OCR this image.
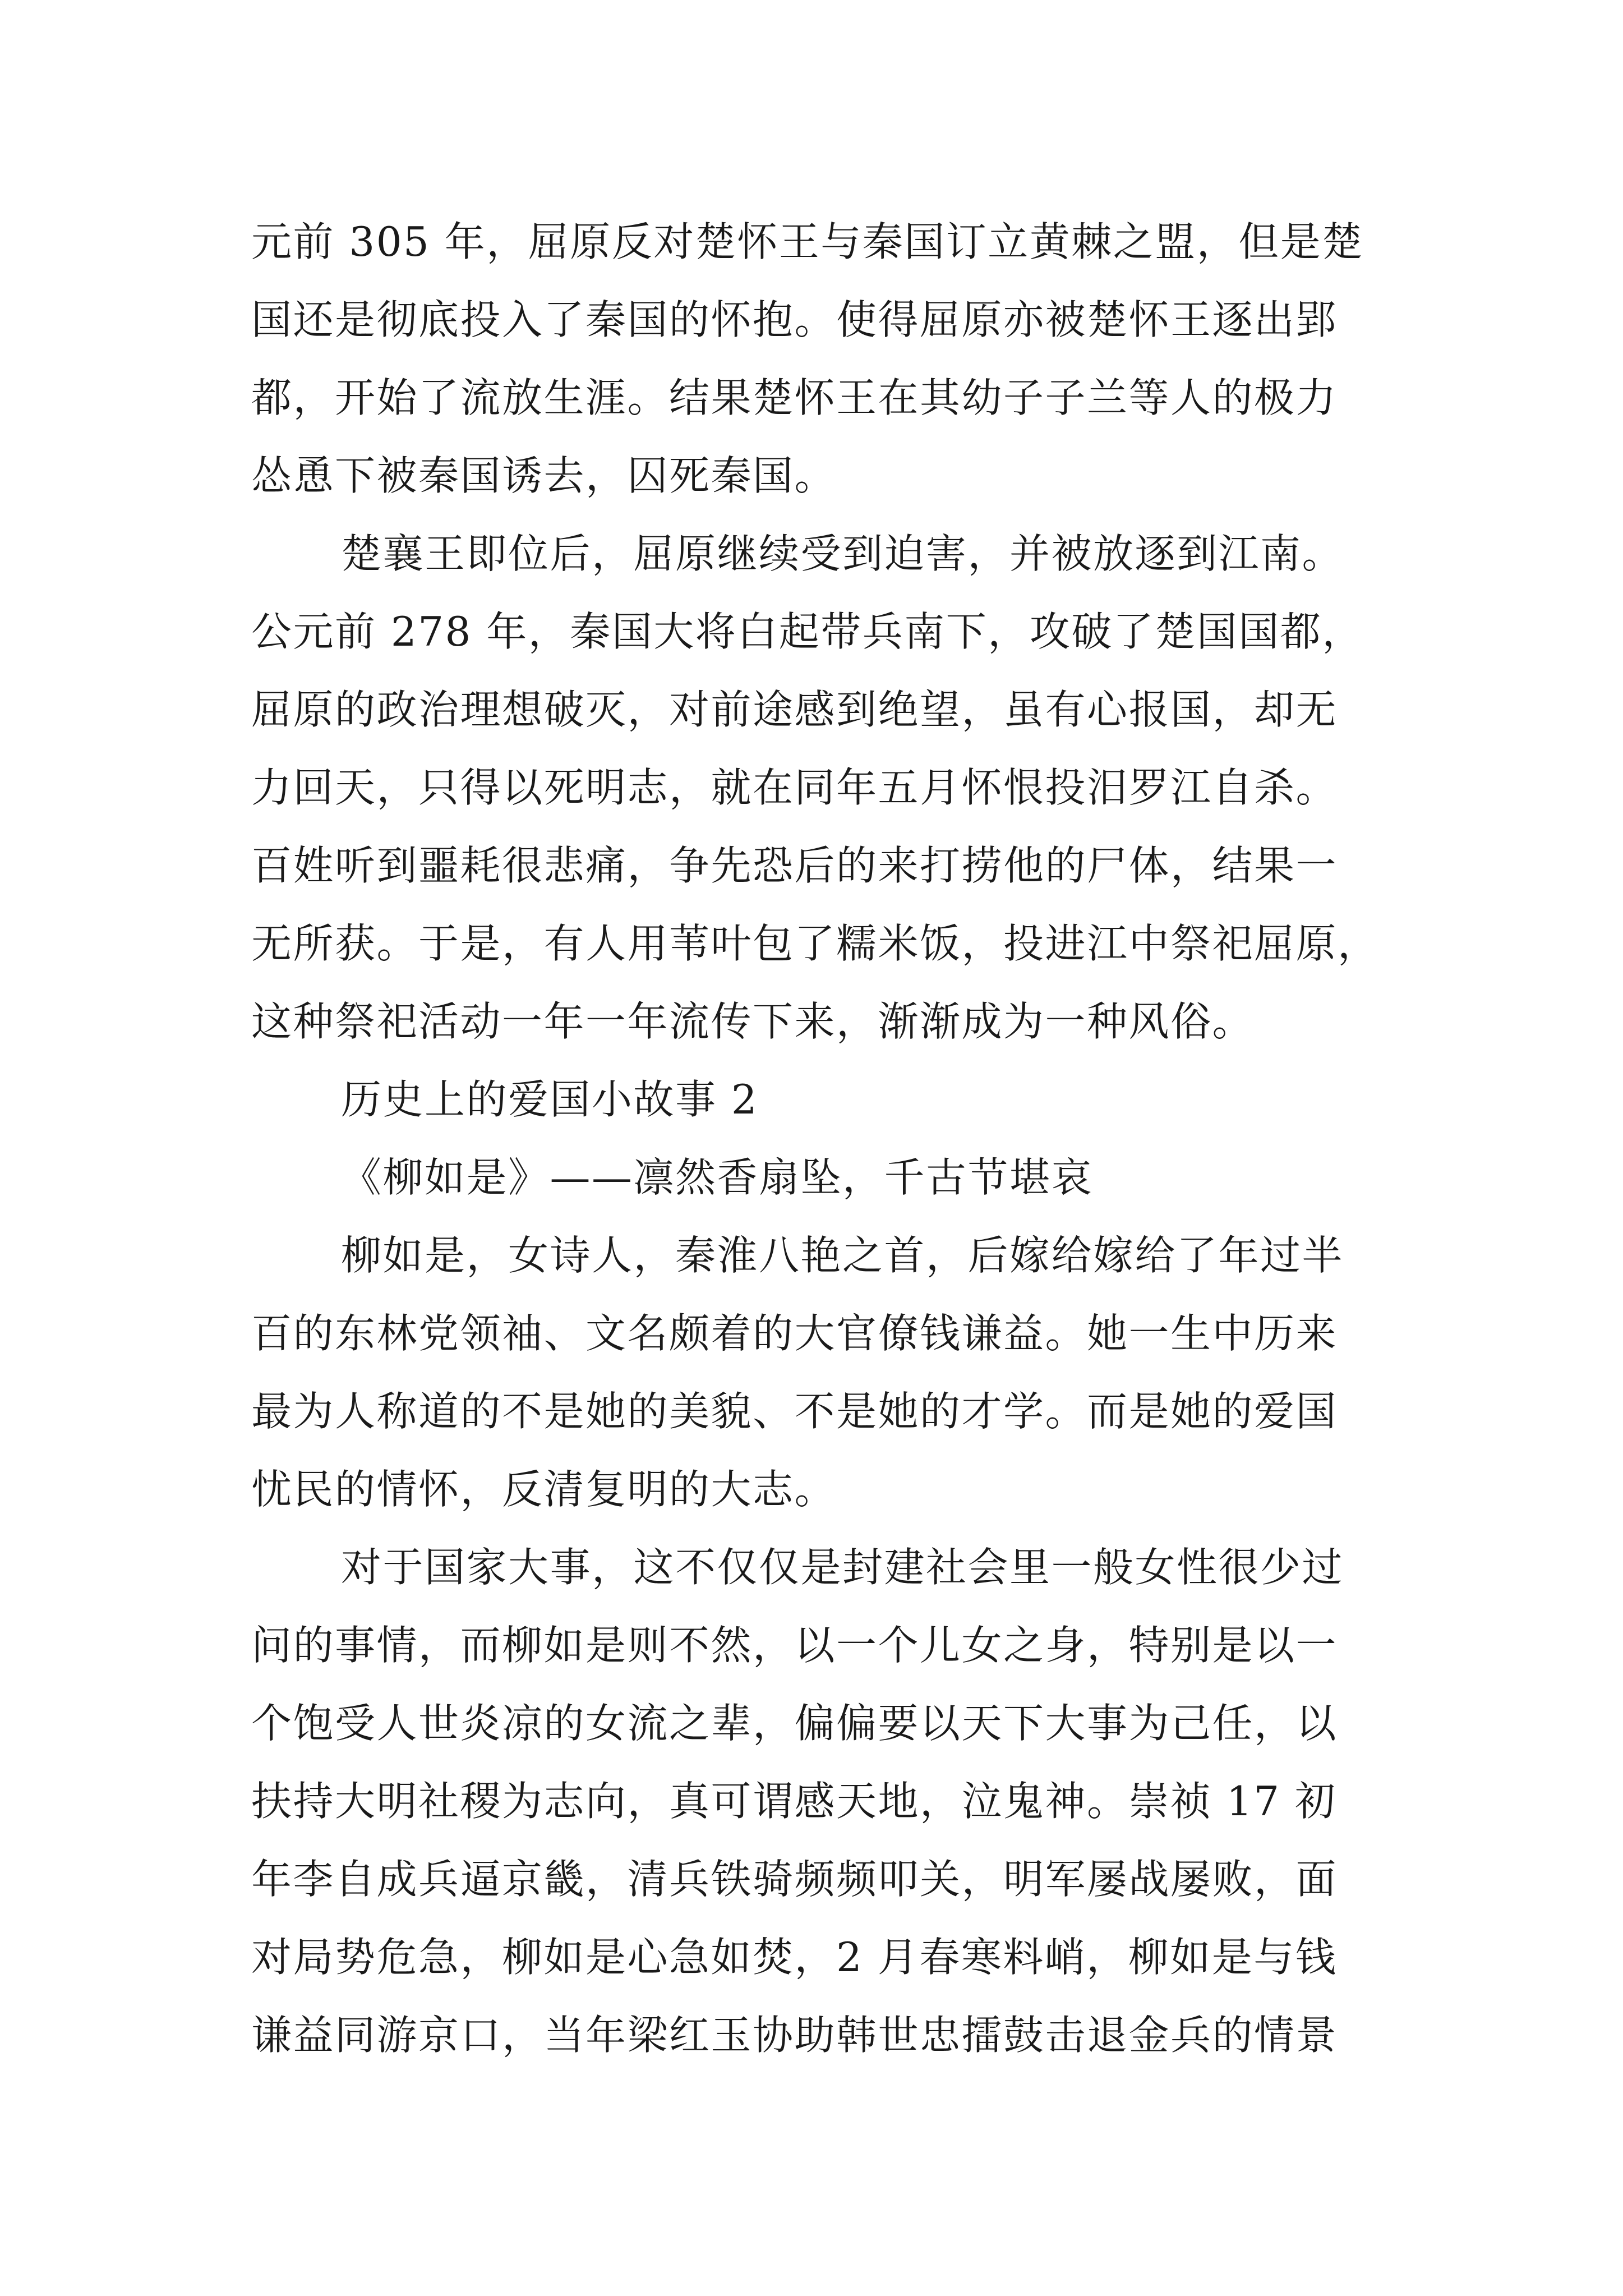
元前 305 年，屈原反对楚怀王与秦国订立黄棘之盟，但是楚
国还是彻底投入了秦国的怀抱。使得屈原亦被楚怀王逐出郢
都，开始了流放生涯。结果楚怀王在其幼子子兰等人的极力
怂恿下被秦国诱去，囚死秦国。
楚襄王即位后，屈原继续受到迫害，并被放逐到江南。
公元前 278 年，秦国大将白起带兵南下，攻破了楚国国都，
屈原的政治理想破灭，对前途感到绝望，虽有心报国，却无
力回天，只得以死明志，就在同年五月怀恨投汨罗江自杀。
百姓听到噩耗很悲痛，争先恐后的来打捞他的尸体，结果一
无所获。于是，有人用苇叶包了糯米饭，投进江中祭祀屈原，
这种祭祀活动一年一年流传下来，渐渐成为一种风俗。
历史上的爱国小故事 2
《柳如是》——凛然香扇坠，千古节堪哀
柳如是，女诗人，秦淮八艳之首，后嫁给嫁给了年过半
百的东林党领袖、文名颇着的大官僚钱谦益。她一生中历来
最为人称道的不是她的美貌、不是她的才学。而是她的爱国
忧民的情怀，反清复明的大志。
对于国家大事，这不仅仅是封建社会里一般女性很少过
问的事情，而柳如是则不然，以一个儿女之身，特别是以一
个饱受人世炎凉的女流之辈，偏偏要以天下大事为己任，以
扶持大明社稷为志向，真可谓感天地，泣鬼神。崇祯 17 初
年李自成兵逼京畿，清兵铁骑频频叩关，明军屡战屡败，面
对局势危急，柳如是心急如焚，2 月春寒料峭，柳如是与钱
谦益同游京口，当年梁红玉协助韩世忠擂鼓击退金兵的情景
